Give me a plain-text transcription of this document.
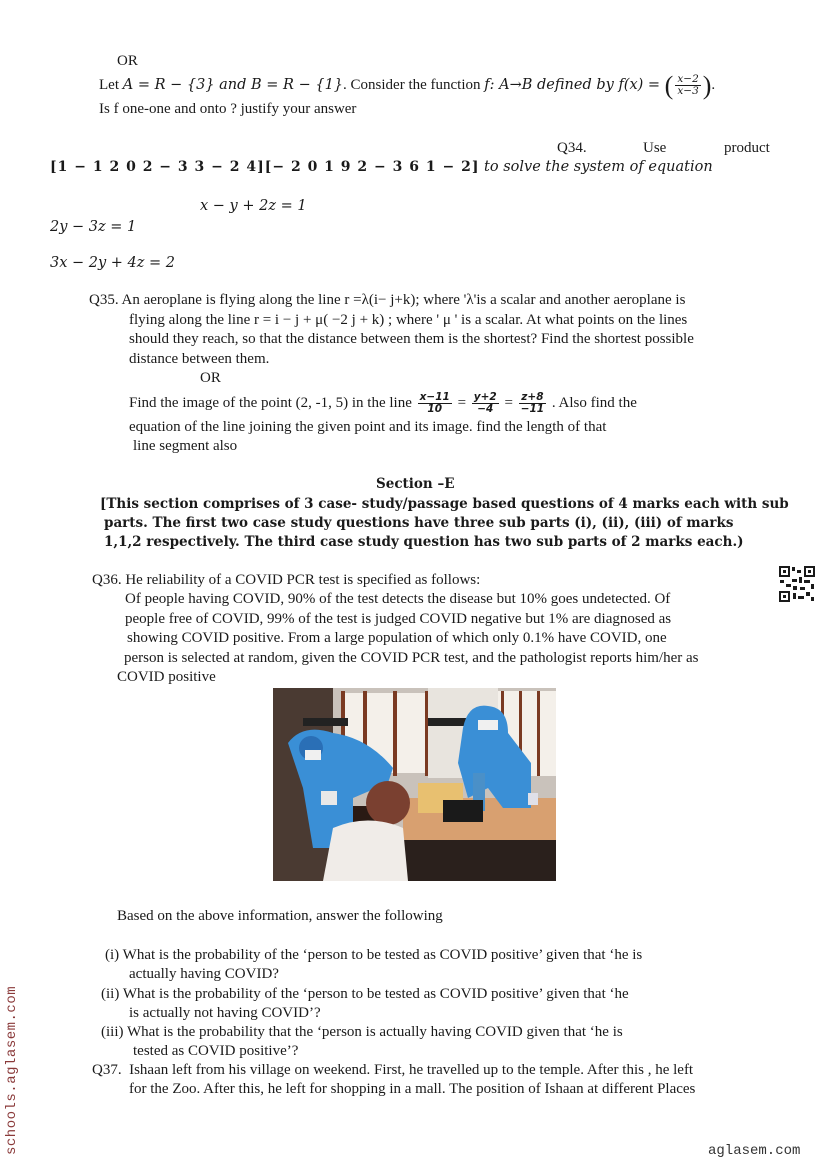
OR
Let A = R − {3} and B = R − {1}. Consider the function f: A→B defined by f(x) = ( $\frac{x-2}{x-3}$ ).
Is f one-one and onto ? justify your answer
Q34.	Use	product
[1 − 1 2 0 2 − 3 3 − 2 4][− 2 0 1 9 2 − 3 6 1 − 2] to solve the system of equation
x − y + 2z = 1
2y − 3z = 1
3x − 2y + 4z = 2
Q35. An aeroplane is flying along the line r =λ(i− j+k); where 'λ'is a scalar and another aeroplane is
flying along the line r = i − j + μ( −2 j + k) ; where ' μ ' is a scalar. At what points on the lines
should they reach, so that the distance between them is the shortest? Find the shortest possible
distance between them.
OR
Find the image of the point (2, -1, 5) in the line $\frac{x-11}{10} = \frac{y+2}{-4} = \frac{z+8}{-11}$ . Also find the
equation of the line joining the given point and its image. find the length of that
line segment also
Section –E
[This section comprises of 3 case- study/passage based questions of 4 marks each with sub
parts. The first two case study questions have three sub parts (i), (ii), (iii) of marks
1,1,2 respectively. The third case study question has two sub parts of 2 marks each.)
Q36. He reliability of a COVID PCR test is specified as follows:
Of people having COVID, 90% of the test detects the disease but 10% goes undetected. Of
people free of COVID, 99% of the test is judged COVID negative but 1% are diagnosed as
showing COVID positive. From a large population of which only 0.1% have COVID, one
person is selected at random, given the COVID PCR test, and the pathologist reports him/her as
COVID positive
Based on the above information, answer the following
(i) What is the probability of the ‘person to be tested as COVID positive’ given that ‘he is
actually having COVID?
(ii) What is the probability of the ‘person to be tested as COVID positive’ given that ‘he
is actually not having COVID’?
(iii) What is the probability that the ‘person is actually having COVID given that ‘he is
tested as COVID positive’?
Q37. Ishaan left from his village on weekend. First, he travelled up to the temple. After this , he left
for the Zoo. After this, he left for shopping in a mall. The position of Ishaan at different Places
schools.aglasem.com	aglasem.com
